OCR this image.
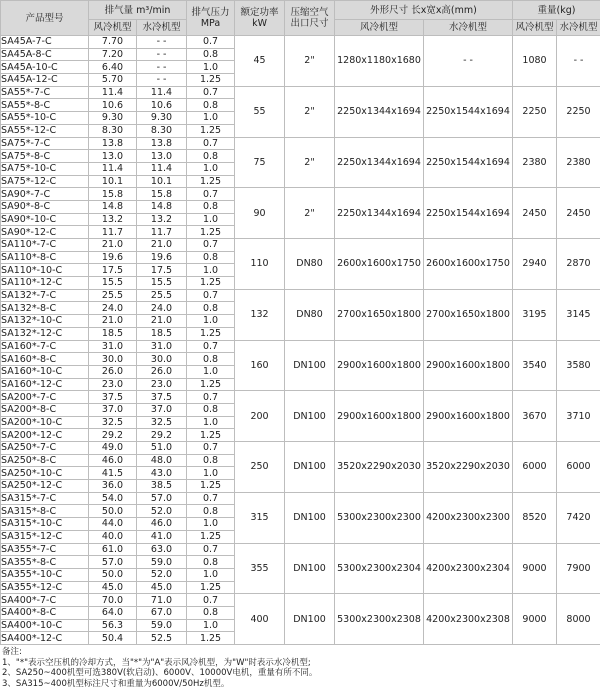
产品型号	排气量 m³/min		排气压力 MPa	额定功率 kW	压缩空气 出口尺寸	外形尺寸 长x宽x高(mm)		重量(kg)	
	风冷机型	水冷机型				风冷机型	水冷机型	风冷机型	水冷机型
SA45A-7-C	7.70	- -	0.7	45	2"	1280x1180x1680	- -	1080	- -
SA45A-8-C	7.20	- -	0.8						
SA45A-10-C	6.40	- -	1.0						
SA45A-12-C	5.70	- -	1.25						
SA55*-7-C	11.4	11.4	0.7	55	2"	2250x1344x1694	2250x1544x1694	2250	2250
SA55*-8-C	10.6	10.6	0.8						
SA55*-10-C	9.30	9.30	1.0						
SA55*-12-C	8.30	8.30	1.25						
SA75*-7-C	13.8	13.8	0.7	75	2"	2250x1344x1694	2250x1544x1694	2380	2380
SA75*-8-C	13.0	13.0	0.8						
SA75*-10-C	11.4	11.4	1.0						
SA75*-12-C	10.1	10.1	1.25						
SA90*-7-C	15.8	15.8	0.7	90	2"	2250x1344x1694	2250x1544x1694	2450	2450
SA90*-8-C	14.8	14.8	0.8						
SA90*-10-C	13.2	13.2	1.0						
SA90*-12-C	11.7	11.7	1.25						
SA110*-7-C	21.0	21.0	0.7	110	DN80	2600x1600x1750	2600x1600x1750	2940	2870
SA110*-8-C	19.6	19.6	0.8						
SA110*-10-C	17.5	17.5	1.0						
SA110*-12-C	15.5	15.5	1.25						
SA132*-7-C	25.5	25.5	0.7	132	DN80	2700x1650x1800	2700x1650x1800	3195	3145
SA132*-8-C	24.0	24.0	0.8						
SA132*-10-C	21.0	21.0	1.0						
SA132*-12-C	18.5	18.5	1.25						
SA160*-7-C	31.0	31.0	0.7	160	DN100	2900x1600x1800	2900x1600x1800	3540	3580
SA160*-8-C	30.0	30.0	0.8						
SA160*-10-C	26.0	26.0	1.0						
SA160*-12-C	23.0	23.0	1.25						
SA200*-7-C	37.5	37.5	0.7	200	DN100	2900x1600x1800	2900x1600x1800	3670	3710
SA200*-8-C	37.0	37.0	0.8						
SA200*-10-C	32.5	32.5	1.0						
SA200*-12-C	29.2	29.2	1.25						
SA250*-7-C	49.0	51.0	0.7	250	DN100	3520x2290x2030	3520x2290x2030	6000	6000
SA250*-8-C	46.0	48.0	0.8						
SA250*-10-C	41.5	43.0	1.0						
SA250*-12-C	36.0	38.5	1.25						
SA315*-7-C	54.0	57.0	0.7	315	DN100	5300x2300x2300	4200x2300x2300	8520	7420
SA315*-8-C	50.0	52.0	0.8						
SA315*-10-C	44.0	46.0	1.0						
SA315*-12-C	40.0	41.0	1.25						
SA355*-7-C	61.0	63.0	0.7	355	DN100	5300x2300x2304	4200x2300x2304	9000	7900
SA355*-8-C	57.0	59.0	0.8						
SA355*-10-C	50.0	52.0	1.0						
SA355*-12-C	45.0	45.0	1.25						
SA400*-7-C	70.0	71.0	0.7	400	DN100	5300x2300x2308	4200x2300x2308	9000	8000
SA400*-8-C	64.0	67.0	0.8						
SA400*-10-C	56.3	59.0	1.0						
SA400*-12-C	50.4	52.5	1.25						
备注:
1、"*"表示空压机的冷却方式，当"*"为"A"表示风冷机型，为"W"时表示水冷机型;
2、SA250~400机型可选380V(软启动)、6000V、10000V电机，重量有所不同。
3、SA315~400机型标注尺寸和重量为6000V/50Hz机型。
